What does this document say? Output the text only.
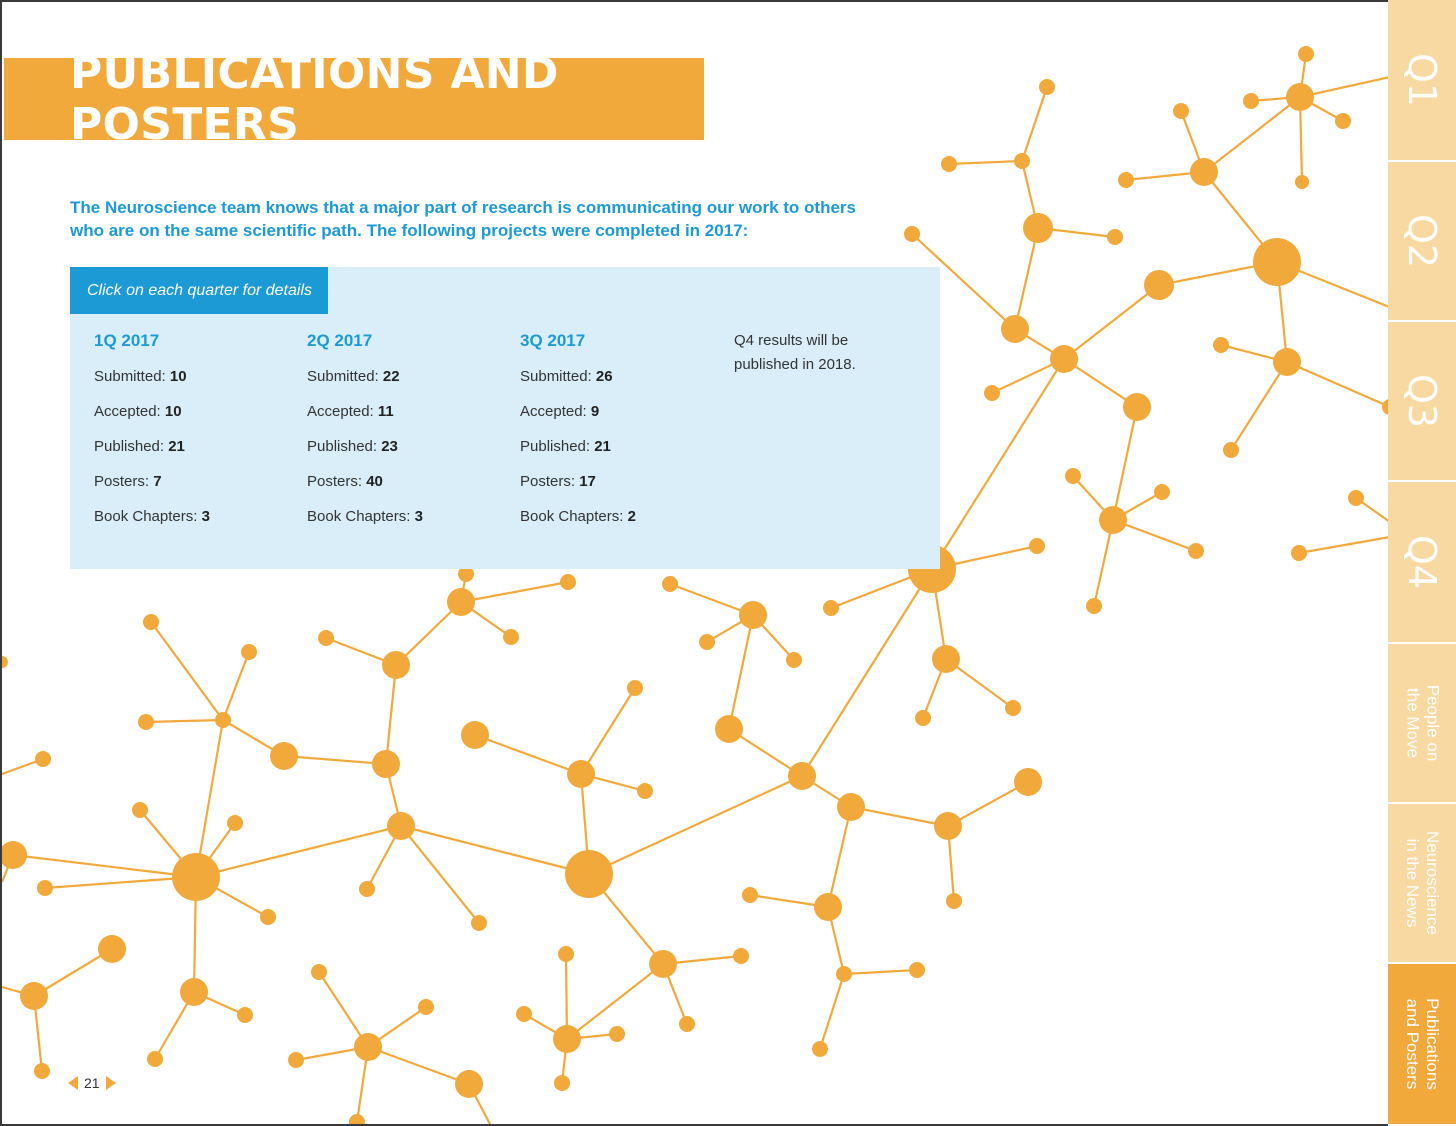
PUBLICATIONS AND POSTERS

The Neuroscience team knows that a major part of research is communicating our work to others who are on the same scientific path. The following projects were completed in 2017:

Click on each quarter for details
1Q 2017
Submitted: 10
Accepted: 10
Published: 21
Posters: 7
Book Chapters: 3
2Q 2017
Submitted: 22
Accepted: 11
Published: 23
Posters: 40
Book Chapters: 3
3Q 2017
Submitted: 26
Accepted: 9
Published: 21
Posters: 17
Book Chapters: 2
Q4 results will be published in 2018.
21
Q1
Q2
Q3
Q4
People on
the Move
Neuroscience
in the News
Publications
and Posters
